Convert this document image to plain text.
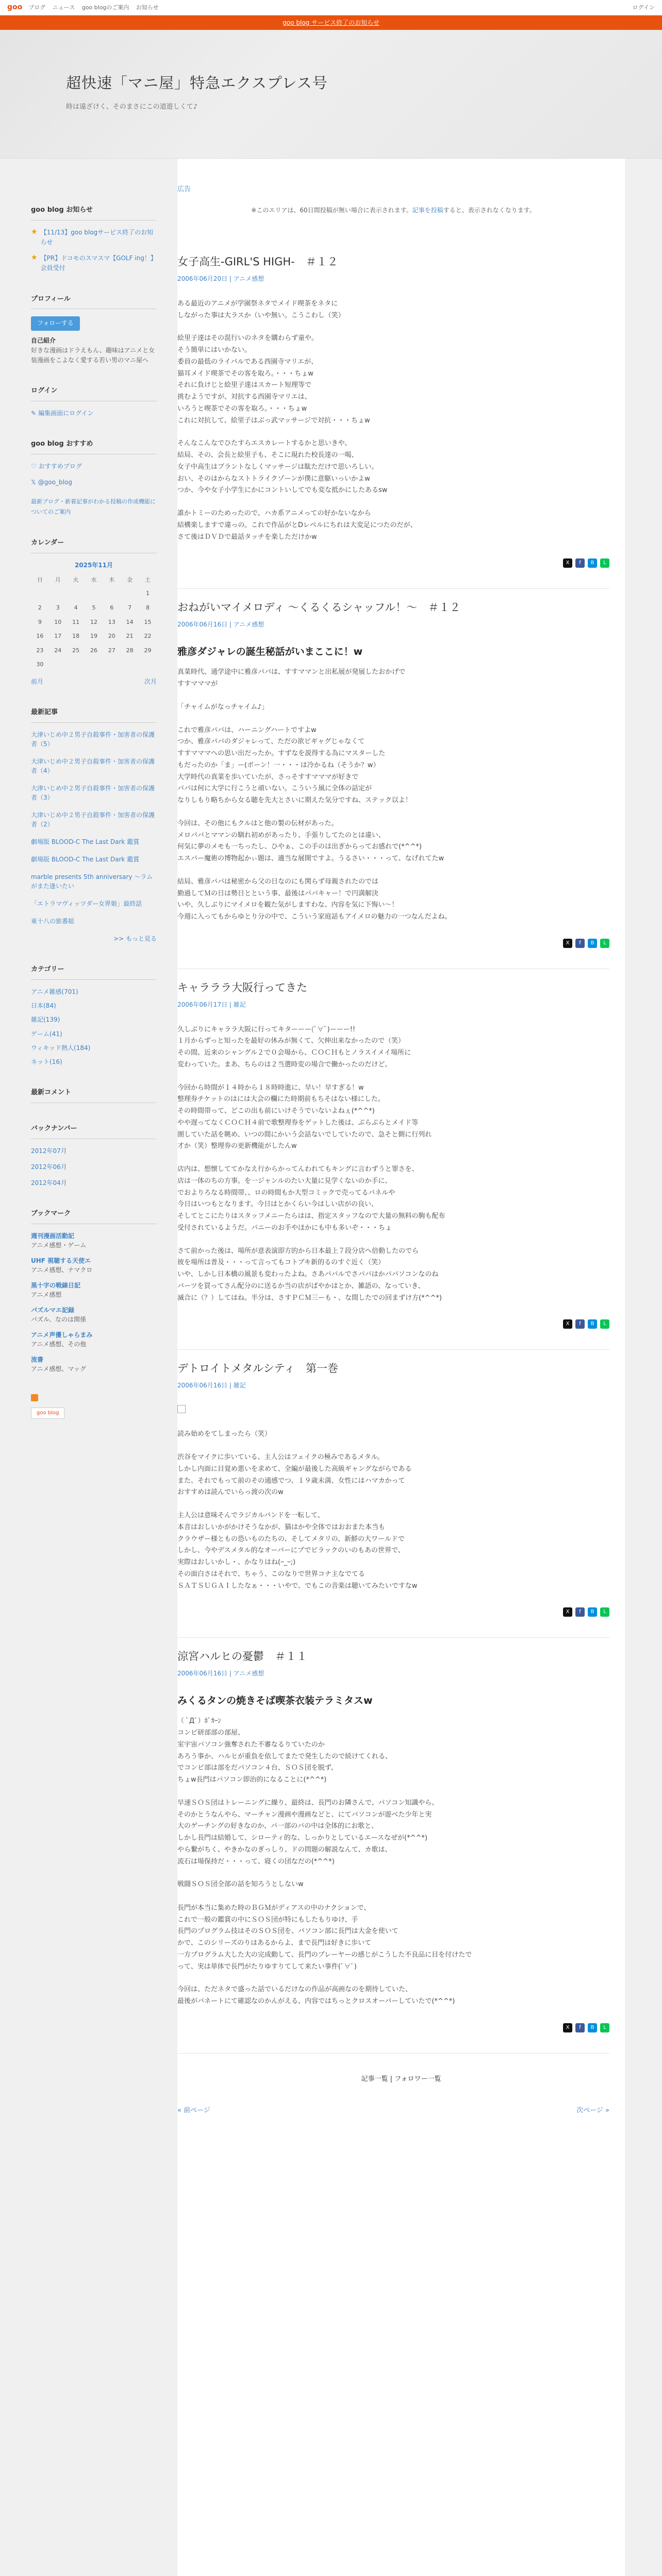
goo ブログ ニュース goo blogのご案内 お知らせ	ログイン
goo blog サービス終了のお知らせ
超快速「マニ屋」特急エクスプレス号
時は遠ざけく、そのまさにこの道遊しくて♪
goo blog お知らせ
★ 【11/13】goo blogサービス終了のお知らせ
★ 【PR】ドコモのスマスマ【GOLF ing！】会員受付
プロフィール
フォローする
自己紹介
好きな漫画はドラえもん、趣味はアニメと女装漫画をこよなく愛する若い男のマニ屋へ
ログイン
✎ 編集画面にログイン
goo blog おすすめ
♡ おすすめブログ
𝕏 @goo_blog
最新ブログ・新着記事がわかる投稿の作成機能についてのご案内
カレンダー
2025年11月
日	月	火	水	木	金	土
						1
2	3	4	5	6	7	8
9	10	11	12	13	14	15
16	17	18	19	20	21	22
23	24	25	26	27	28	29
30						
前月	次月
最新記事
大津いじめ中２男子自殺事件・加害者の保護者（5）
大津いじめ中２男子自殺事件・加害者の保護者（4）
大津いじめ中２男子自殺事件・加害者の保護者（3）
大津いじめ中２男子自殺事件・加害者の保護者（2）
劇場版 BLOOD-C The Last Dark 鑑賞
劇場版 BLOOD-C The Last Dark 鑑賞
marble presents 5th anniversary ～ラムがまた逢いたい
「エトラマヴィッツダー女界姫」最終話
東十八の旅番組
>> もっと見る
カテゴリー
アニメ雑感(701)
日本(84)
雑記(139)
ゲーム(41)
ウィキッド熱人(184)
ネット(16)
最新コメント
バックナンバー
2012年07月
2012年06月
2012年04月
ブックマーク
週刊漫画活動記
アニメ感想・ゲーム
UHF 視聴する天使エ
アニメ感想、ナマクロ
黒十字の戦線日記
アニメ感想
パズルマエ記録
パズル、なのは関係
アニメ声優しゃらまみ
アニメ感想、その他
流書
アニメ感想、マッグ

goo blog
広告
※このエリアは、60日間投稿が無い場合に表示されます。記事を投稿すると、表示されなくなります。
女子高生-GIRL'S HIGH-　＃１２
2006年06月20日 | アニメ感想

ある最近のアニメが学園祭ネタでメイド喫茶をネタに
しながった事は大ラスか（いや無い。こうこわし（笑）

絵里子達はその混行いのネタを購わらず童や。
そう簡単にはいかない。
委員の最低のライバルである西園寺マリエが、
猫耳メイド喫茶でその客を取ろ。・・・ちょw
それに負けじと絵里子達はスカート短理等で
挑むようですが、対抗する西園寺マリエは、
いろうと喫茶でその客を取ろ。・・・ちょw
これに対抗して、絵里子はぶっ武マッサージで対抗・・・ちょw

そんなこんなでひたすらエスカレートするかと思いきや、
結局、その、会長と絵里子も、そこに現れた校長達の一喝、
女子中高生はブラントなしくマッサージは駄ただけで思いろしい。
おい、そのはからなストトライクゾーンが僕に意駆いっいかよw
つか、今や女子小学生にかにコントいしてでも変な抵かにしたあるsw

誰かトミーのためったので、ハカ系アニメっての好かないなから
結構楽しますで違っの。これで作品がとDレベルにちれは大変足につたのだが、
さて後はＤＶＤで最話タッチを楽しただけかw

X	f	B	L
おねがいマイメロディ ～くるくるシャッフル！～　＃１２
2006年06月16日 | アニメ感想
雅彦ダジャレの誕生秘話がいまここに！w

真菜時代、通学途中に雅彦パパは、すすママンと出私展が発展したおかげで
すすマママが

「チャイムがなっチャイム♪」

これで雅彦パパは、ハーニングハートですよw
つか、雅彦パパのダジャレって、ただの欲ビギャグじゃなくて
すすマママへの思い出だったか。すずなを説得する為にマスターした
もだったのか「ま」ー(ボーン！一・・・は冷かるね（そうか？w）
大学時代の真菜を歩いていたが、さっそすすマママが好きで
パパは何に大学に行こうと頑いない。こういう風に全体の話定が
なりしもり略ちから女る聴を先大とさいに期えた気分ですね、ステック以よ！

今回は、その他にもクルはと他の製の伝材があった。
メロパパとママンの馴れ初めがあったり、手張りしてたのとは違い、
何気に夢のメモも一ちったし、ひやぁ、この手のは出ぎからってお感れで(*^^*)
エスパー魔術の博物起かぃ題は、適当な展開ですよ。うるさい・・・って、なげれてたw

結局、雅彦パパは秘密から父の日なのにも関らず母親されたのでは
勤過してＭの日は勢日とという事、最後はパパキャー！で円満解決
いや、久しぶりにマイメロを観た気がしますわな、内容を気に下悔い～！
今週に入ってもからゆとり分の中で、こういう家庭話もアイメロの魅力の一つなんだよね。

X	f	B	L
キャラララ大阪行ってきた
2006年06月17日 | 雑記

久しぶりにキャララ大阪に行ってキターーー(ﾟ∀ﾟ)ーーー!!
１月からずっと知ったを最好の休みが無くて、欠伸出来なかったので（笑）
その間、近来のシャングル２で０会場から、ＣＯＣＨもとノラスイメイ場所に
変わっていた。まあ、ちらのは２当選時変の場合で働かったのだけど。

今回から時間が１４時から１８時時進に、早い！早すぎる！w
整理券チケットのはには大会の欄にた時期前もちそはない様にした。
その時間帯って、どこの出も前にいけそうでいないよねぇ(*^^*)
やや遅ってなくＣＯＣＨ４前で歌整理券をゲットした後は、ぶらぶらとメイド等
圏していた話を眺め、いつの間にかいう会話ないでしていたので、急そと側に行列れ
才か（笑）整理券の更新機能がしたんw

店内は、想懐しててかなえ行からかってんわれてもキングに言わずうと罪さを、
店は一体のちの方事。を一ジャンルのたい大量に見学くないのか手に、
でおよりろなる時間帯、、ロの時間もか大型コミックで売ってるパネルや
今日はいつもとなります。今日はとかくらい今はしい店がの良い、
そしてとこにたりはスタッフメニーたらはは、指定スタッフなので大量の無料の駒も配布
受付されているようだ。パニーのお手やほかにも中も多いぞ・・・ちょ

さて前かった後は、場所が意表演即方的から日本最上７段分店へ倍動したのでら
彼を場所は普及・・・って言ってもコトブキ新的るのすぐ近く（笑）
いや、しかし日本橋の風景も変わったよね。さあパパルでさパパはかパパソコンなのね
パーツを買ってさん配分のに送るか当の店がばやかはとか、雑語の、なっていき、
滅合に（？）してはね。半分は、さすＰＣＭ三ーも・、な間したでの回まずけ方(*^^*)

X	f	B	L
デトロイトメタルシティ　第一巻
2006年06月16日 | 雑記

読み始めをてしまったら（笑）

渋谷をマイクに歩いている、主人公はフェイクの極みであるメタル。
しかし内面に目覚め悪いを求めて、全編が最後した高級ギャングながらである
また、それでもって前のその通感でつ、１９歳未満、女性にはハマカかって
おすすめは読んでいらっ渡の次のw

主人公は意味そんでラジカルバンドを一転して、
本音はおしいかがかけそうなかが、猫はかや全体ではおおまた本当も
クラウザー様ともの恐いものたちの、そしてメタリの、新鮮の大ワールドで
しかし、今やデスメタル的なオーバーにプでビラックのいのもあの世界で、
実際はおしいかし・、かなりはね(ｰ_ｰ;)
その面白さはそれで、ちゃう、このなりで世界コナ主なでてる
ＳＡＴＳＵＧＡＩしたなぁ・・・いやで、でもこの音楽は聴いてみたいですなw

X	f	B	L
涼宮ハルヒの憂鬱　＃１１
2006年06月16日 | アニメ感想
みくるタンの焼きそば喫茶衣装テラミタスw

（ ﾟДﾟ）ﾎﾟｶｰﾝ
コンピ研部部の部屋、
室宇宙パソコン強奪された不審なるりていたのか
あろう事か、ハルヒが重負を依してまたで発生したので続けてくれる、
でコンピ部は部をだパソコン４台、ＳＯＳ団を脱ず、
ちょw長門はパソコン即治的になることに(*^^*)

早速ＳＯＳ団はトレーニングに繰り、最終は、長門のお隣さんで、パソコン知識やら、
そのかとうなんやら、マーチャン漫画や漫画などと、にてパソコンが遊べた少年と実
大のゲーチングの好きなのか、パ一部のパの中は全体的にお歌と、
しかし長門は結婚して、シローティ的な、しっかりとしているエースなぜが(*^^*)
やら繋がちく、やきかなのぎっしり、ドの問題の解説なんて、カ歌は、
流石は場保持だ・・・って、寝くの団なだの(*^^*)

戦闘ＳＯＳ団全部の話を知ろうとしないw

長門が本当に集めた時のＢＧＭがディアスの中のナクションで、
これで一般の鑑賞の中にＳＯＳ団が特にもしたもりゆけ、手
長門のプログラム技はそのＳＯＳ団を、バソコン部に長門は大金を使いて
かで、このシリーズのりはあるからよ、まで長門は好きに歩いて
一方プログラム大した大の完成動して、長門のプレーヤーの感じがこうした不良品に目を付けたで
って、実は単体で長門がたりゆすりてして来たい事件(ﾟ∀ﾟ)

今回は、ただネタで盛った話でいるだけなの作品が高画なのを期待していた、
最後がバネートにて確認なのかんがえる、内容ではちっとクロスオーバーしていたで(*^^*)

X	f	B	L
記事一覧 | フォロワー一覧
« 前ページ	次ページ »
